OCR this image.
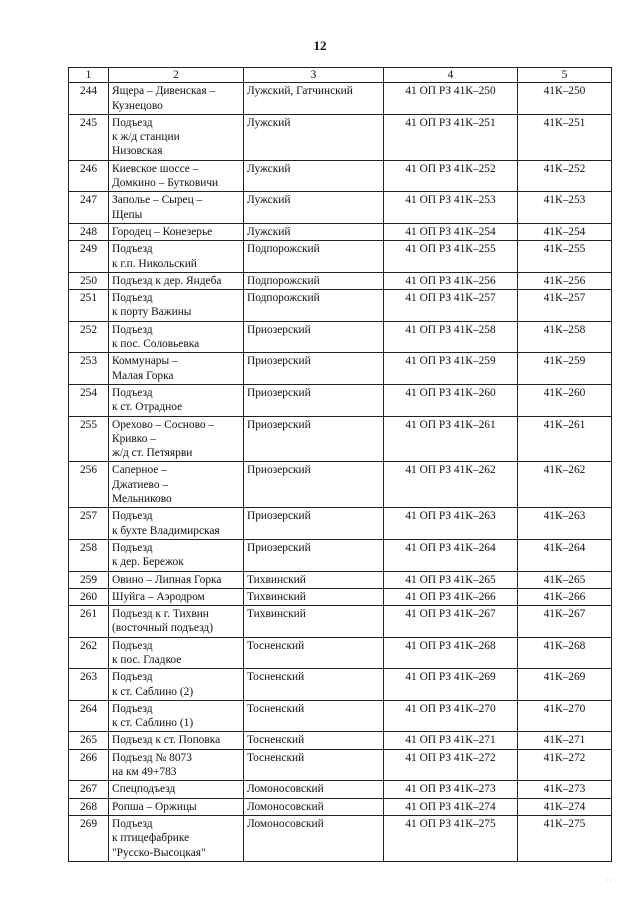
12
1	2	3	4	5
244	Ящера – Дивенская –
Кузнецово	Лужский, Гатчинский	41 ОП РЗ 41К–250	41К–250
245	Подъезд
к ж/д станции
Низовская	Лужский	41 ОП РЗ 41К–251	41К–251
246	Киевское шоссе –
Домкино – Бутковичи	Лужский	41 ОП РЗ 41К–252	41К–252
247	Заполье – Сырец –
Щепы	Лужский	41 ОП РЗ 41К–253	41К–253
248	Городец – Конезерье	Лужский	41 ОП РЗ 41К–254	41К–254
249	Подъезд
к г.п. Никольский	Подпорожский	41 ОП РЗ 41К–255	41К–255
250	Подъезд к дер. Яндеба	Подпорожский	41 ОП РЗ 41К–256	41К–256
251	Подъезд
к порту Важины	Подпорожский	41 ОП РЗ 41К–257	41К–257
252	Подъезд
к пос. Соловьевка	Приозерский	41 ОП РЗ 41К–258	41К–258
253	Коммунары –
Малая Горка	Приозерский	41 ОП РЗ 41К–259	41К–259
254	Подъезд
к ст. Отрадное	Приозерский	41 ОП РЗ 41К–260	41К–260
255	Орехово – Сосново –
Кривко –
ж/д ст. Петяярви	Приозерский	41 ОП РЗ 41К–261	41К–261
256	Саперное –
Джатиево –
Мельниково	Приозерский	41 ОП РЗ 41К–262	41К–262
257	Подъезд
к бухте Владимирская	Приозерский	41 ОП РЗ 41К–263	41К–263
258	Подъезд
к дер. Бережок	Приозерский	41 ОП РЗ 41К–264	41К–264
259	Овино – Липная Горка	Тихвинский	41 ОП РЗ 41К–265	41К–265
260	Шуйга – Аэродром	Тихвинский	41 ОП РЗ 41К–266	41К–266
261	Подъезд к г. Тихвин
(восточный подъезд)	Тихвинский	41 ОП РЗ 41К–267	41К–267
262	Подъезд
к пос. Гладкое	Тосненский	41 ОП РЗ 41К–268	41К–268
263	Подъезд
к ст. Саблино (2)	Тосненский	41 ОП РЗ 41К–269	41К–269
264	Подъезд
к ст. Саблино (1)	Тосненский	41 ОП РЗ 41К–270	41К–270
265	Подъезд к ст. Поповка	Тосненский	41 ОП РЗ 41К–271	41К–271
266	Подъезд № 8073
на км 49+783	Тосненский	41 ОП РЗ 41К–272	41К–272
267	Спецподъезд	Ломоносовский	41 ОП РЗ 41К–273	41К–273
268	Ропша – Оржицы	Ломоносовский	41 ОП РЗ 41К–274	41К–274
269	Подъезд
к птицефабрике
"Русско-Высоцкая"	Ломоносовский	41 ОП РЗ 41К–275	41К–275
· ·
